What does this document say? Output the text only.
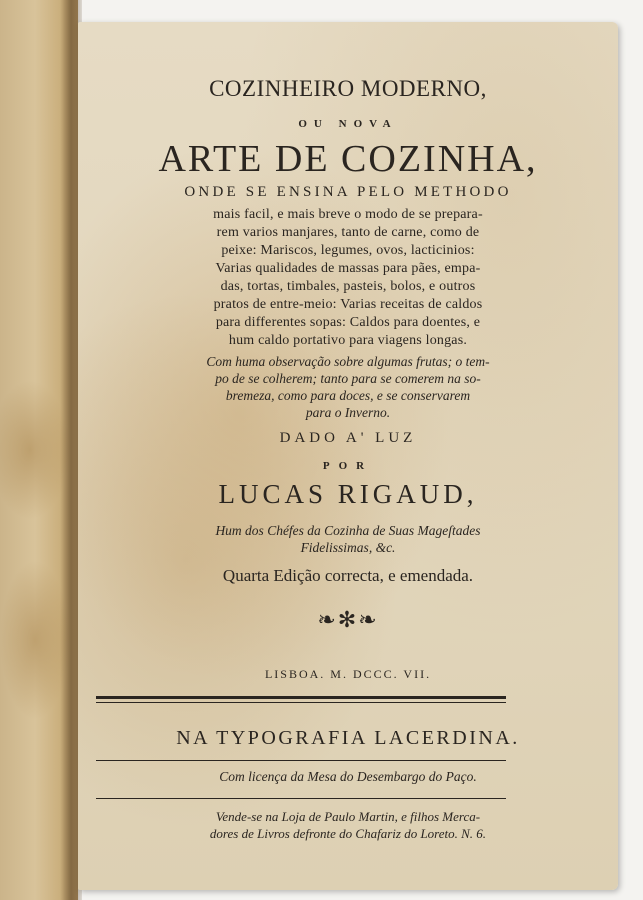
COZINHEIRO MODERNO,
OU NOVA
ARTE DE COZINHA,
ONDE SE ENSINA PELO METHODO
mais facil, e mais breve o modo de se prepara-
rem varios manjares, tanto de carne, como de
peixe: Mariscos, legumes, ovos, lacticinios:
Varias qualidades de massas para pães, empa-
das, tortas, timbales, pasteis, bolos, e outros
pratos de entre-meio: Varias receitas de caldos
para differentes sopas: Caldos para doentes, e
hum caldo portativo para viagens longas.
Com huma observação sobre algumas frutas; o tem-
po de se colherem; tanto para se comerem na so-
bremeza, como para doces, e se conservarem
para o Inverno.
DADO A' LUZ
POR
LUCAS RIGAUD,
Hum dos Chéfes da Cozinha de Suas Mageſtades
Fidelissimas, &c.
Quarta Edição correcta, e emendada.
❧✻❧
LISBOA. M. DCCC. VII.
NA TYPOGRAFIA LACERDINA.
Com licença da Mesa do Desembargo do Paço.
Vende-se na Loja de Paulo Martin, e filhos Merca-
dores de Livros defronte do Chafariz do Loreto. N. 6.
